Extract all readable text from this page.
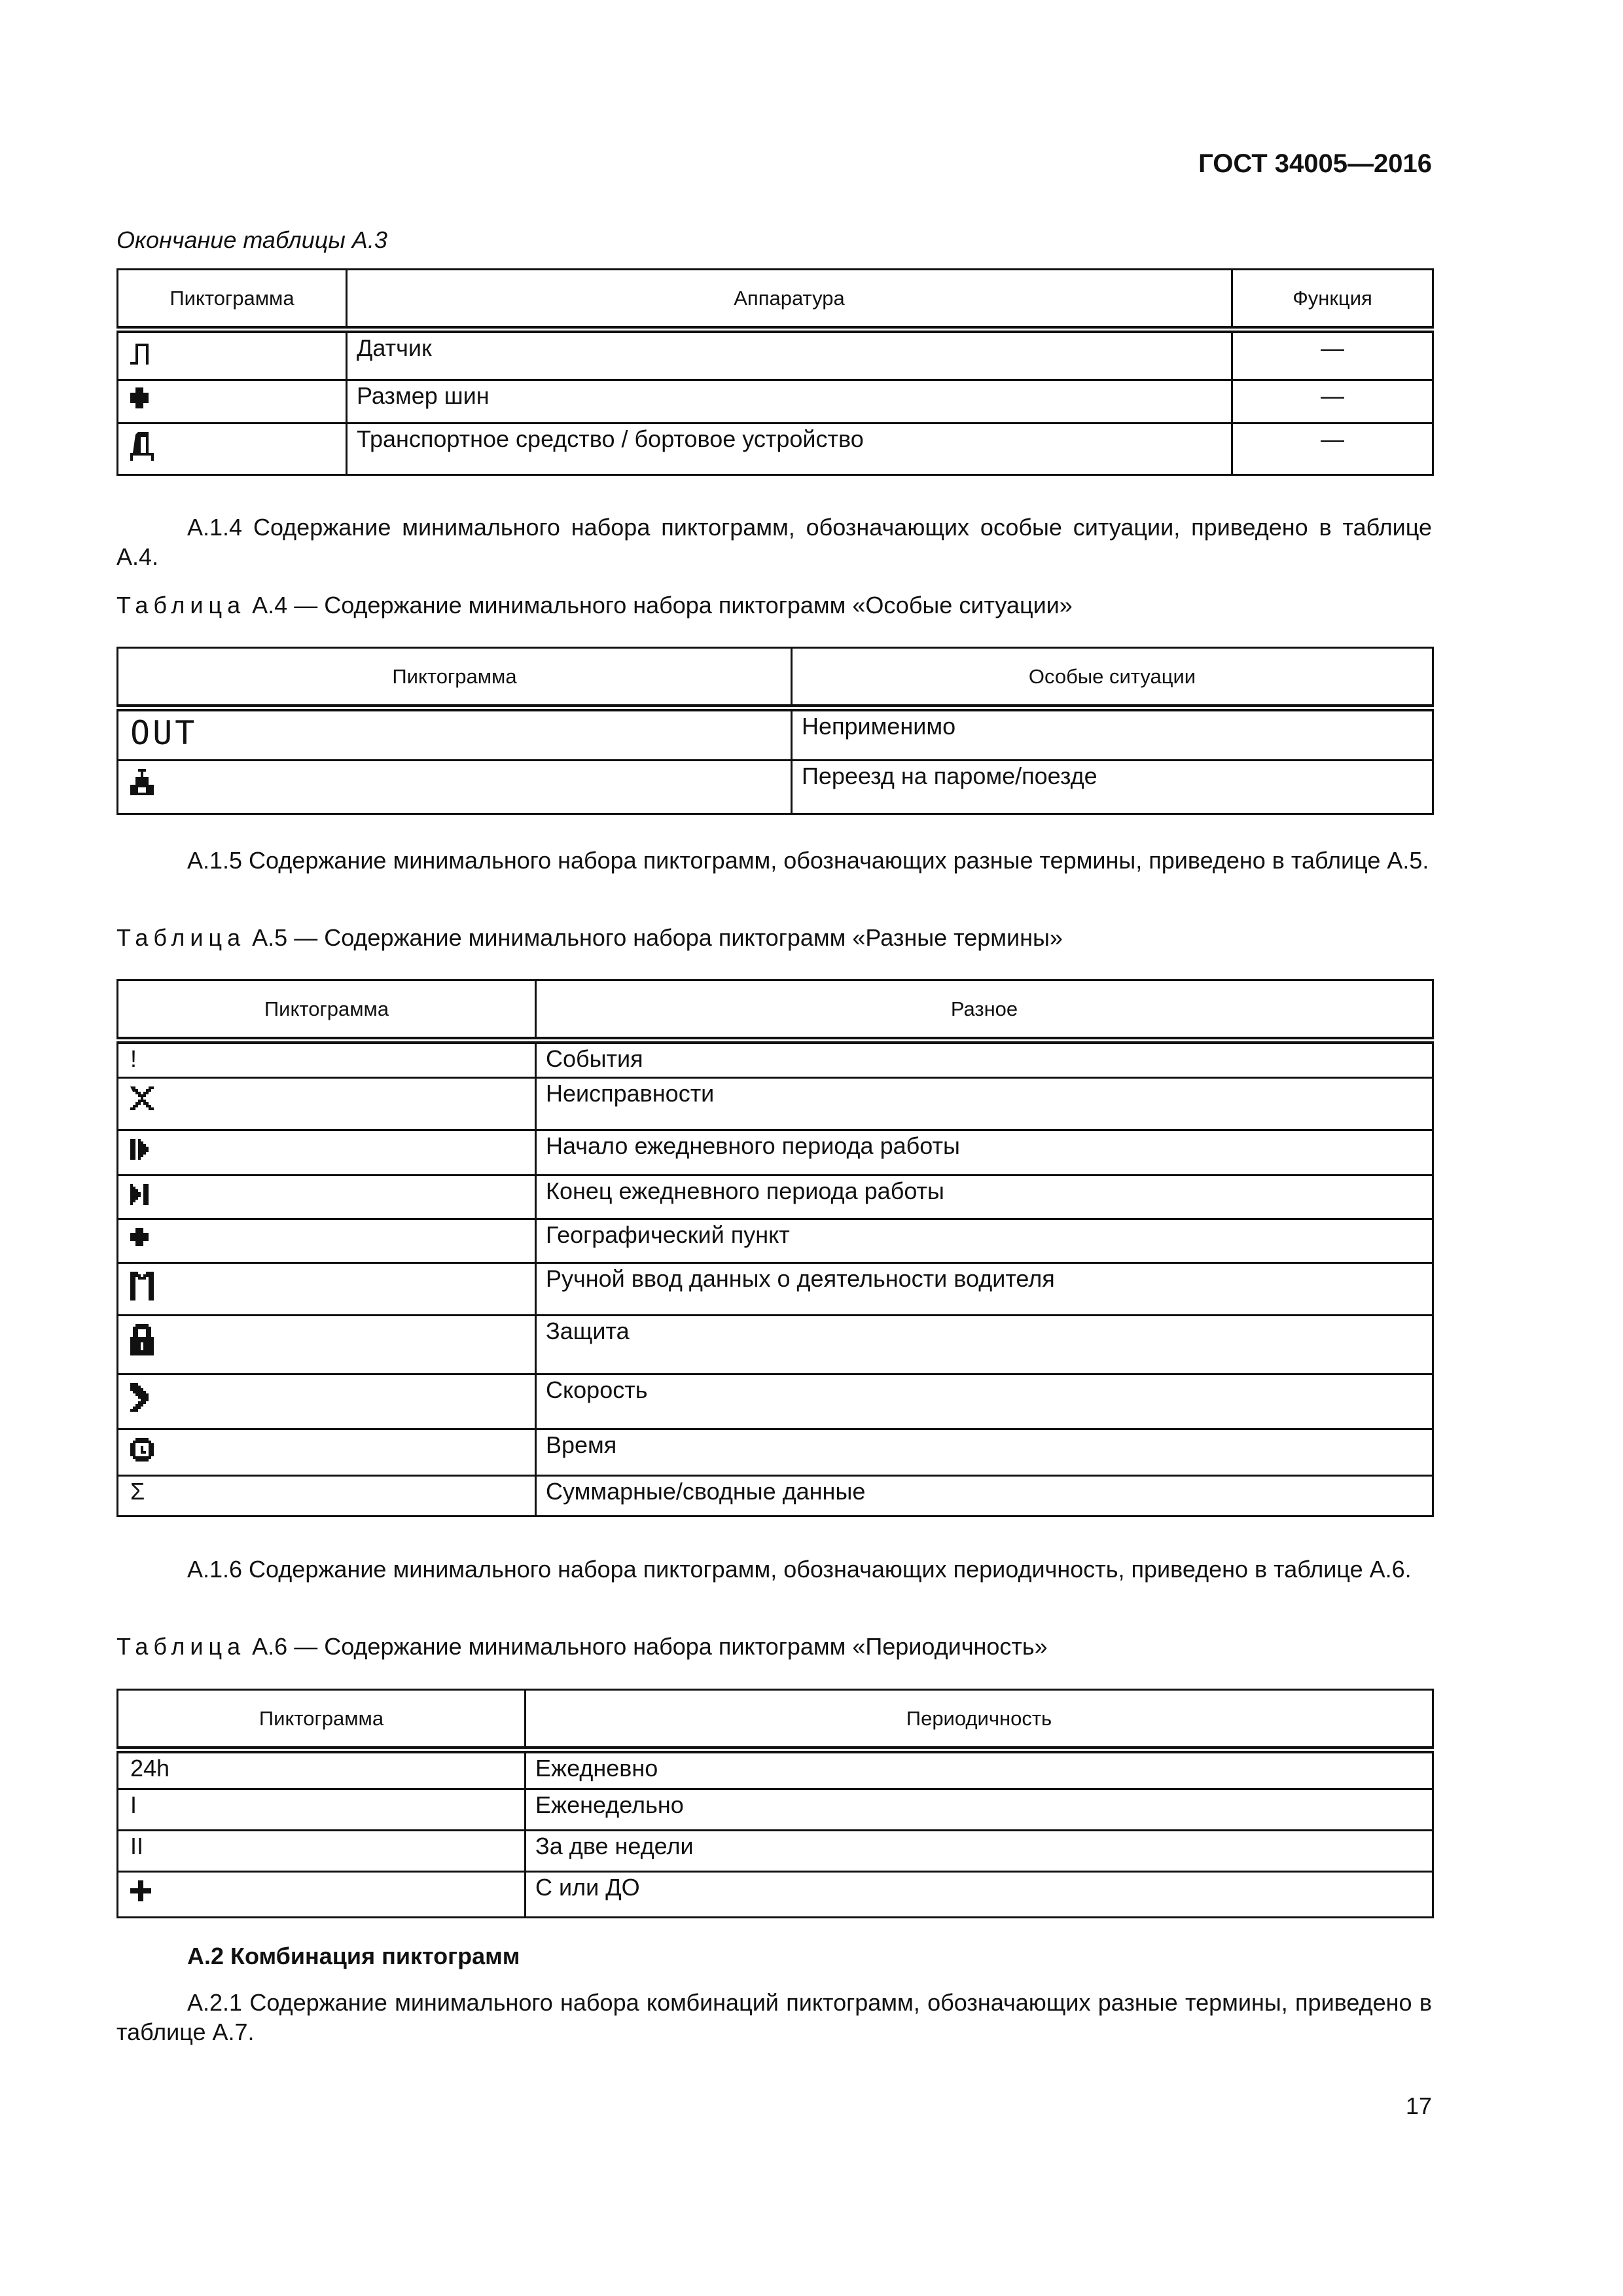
ГОСТ 34005—2016
Окончание таблицы А.3
Пиктограмма	Аппаратура	Функция

	Датчик	—

	Размер шин	—

	Транспортное средство / бортовое устройство	—
А.1.4 Содержание минимального набора пиктограмм, обозначающих особые ситуации, приведено в таблице А.4.
Таблица А.4 — Содержание минимального набора пиктограмм «Особые ситуации»
Пиктограмма	Особые ситуации
OUT	Неприменимо

	Переезд на пароме/поезде
А.1.5 Содержание минимального набора пиктограмм, обозначающих разные термины, приведено в таблице А.5.
Таблица А.5 — Содержание минимального набора пиктограмм «Разные термины»
Пиктограмма	Разное
!	События

	Неисправности

	Начало ежедневного периода работы

	Конец ежедневного периода работы

	Географический пункт

	Ручной ввод данных о деятельности водителя

	Защита

	Скорость

	Время
Σ	Суммарные/сводные данные
А.1.6 Содержание минимального набора пиктограмм, обозначающих периодичность, приведено в таблице А.6.
Таблица А.6 — Содержание минимального набора пиктограмм «Периодичность»
Пиктограмма	Периодичность
24h	Ежедневно
I	Еженедельно
II	За две недели

	С или ДО
А.2 Комбинация пиктограмм
А.2.1 Содержание минимального набора комбинаций пиктограмм, обозначающих разные термины, приведено в таблице А.7.
17
